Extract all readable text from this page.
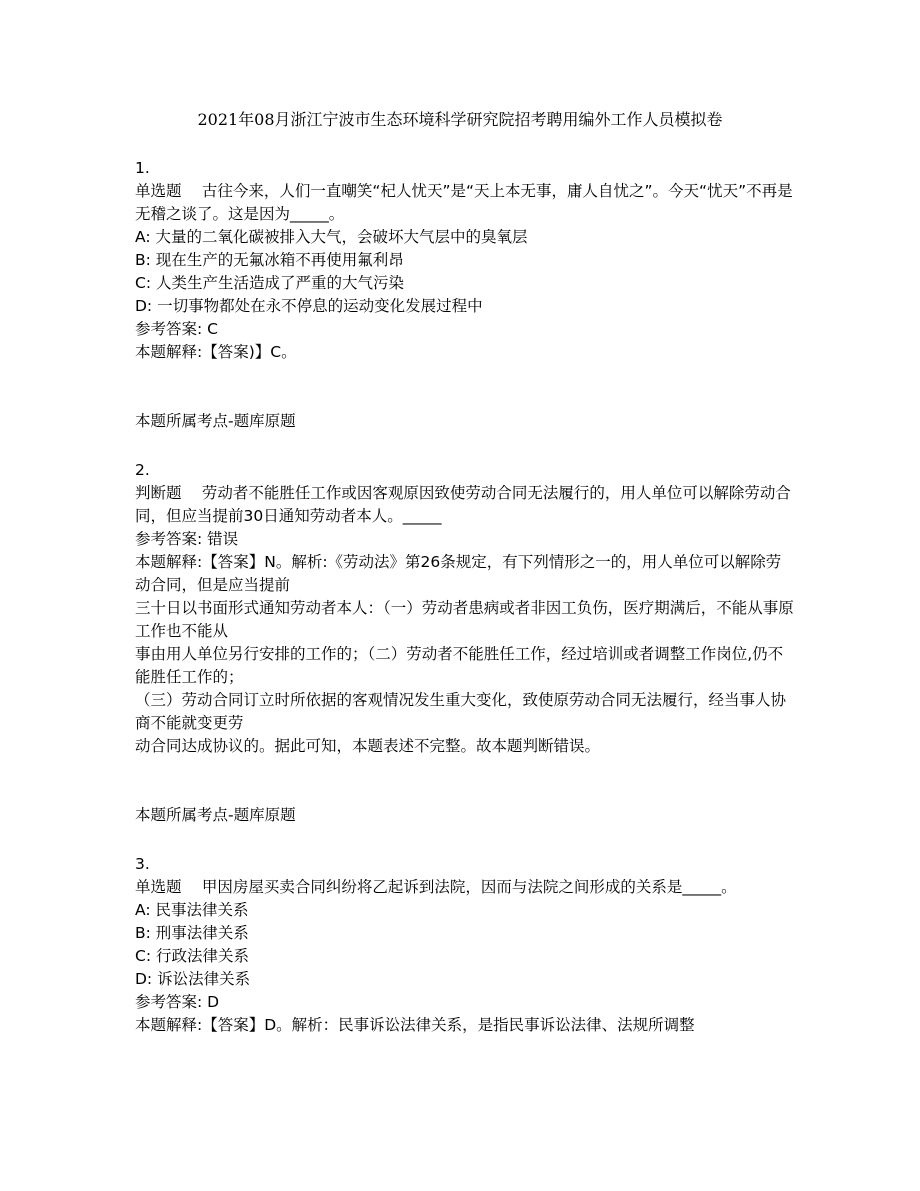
2021年08月浙江宁波市生态环境科学研究院招考聘用编外工作人员模拟卷
1.
单选题　 古往今来，人们一直嘲笑“杞人忧天”是“天上本无事，庸人自忧之”。今天“忧天”不再是无稽之谈了。这是因为_____。
A: 大量的二氧化碳被排入大气，会破坏大气层中的臭氧层
B: 现在生产的无氟冰箱不再使用氟利昂
C: 人类生产生活造成了严重的大气污染
D: 一切事物都处在永不停息的运动变化发展过程中
参考答案: C
本题解释:【答案)】C。
本题所属考点-题库原题
2.
判断题　 劳动者不能胜任工作或因客观原因致使劳动合同无法履行的，用人单位可以解除劳动合同，但应当提前30日通知劳动者本人。_____
参考答案: 错误
本题解释:【答案】N。解析:《劳动法》第26条规定，有下列情形之一的，用人单位可以解除劳动合同，但是应当提前
三十日以书面形式通知劳动者本人：（一）劳动者患病或者非因工负伤，医疗期满后，不能从事原工作也不能从
事由用人单位另行安排的工作的；（二）劳动者不能胜任工作，经过培训或者调整工作岗位,仍不能胜任工作的；
（三）劳动合同订立时所依据的客观情况发生重大变化，致使原劳动合同无法履行，经当事人协商不能就变更劳
动合同达成协议的。据此可知，本题表述不完整。故本题判断错误。
本题所属考点-题库原题
3.
单选题　 甲因房屋买卖合同纠纷将乙起诉到法院，因而与法院之间形成的关系是_____。
A: 民事法律关系
B: 刑事法律关系
C: 行政法律关系
D: 诉讼法律关系
参考答案: D
本题解释:【答案】D。解析：民事诉讼法律关系，是指民事诉讼法律、法规所调整
